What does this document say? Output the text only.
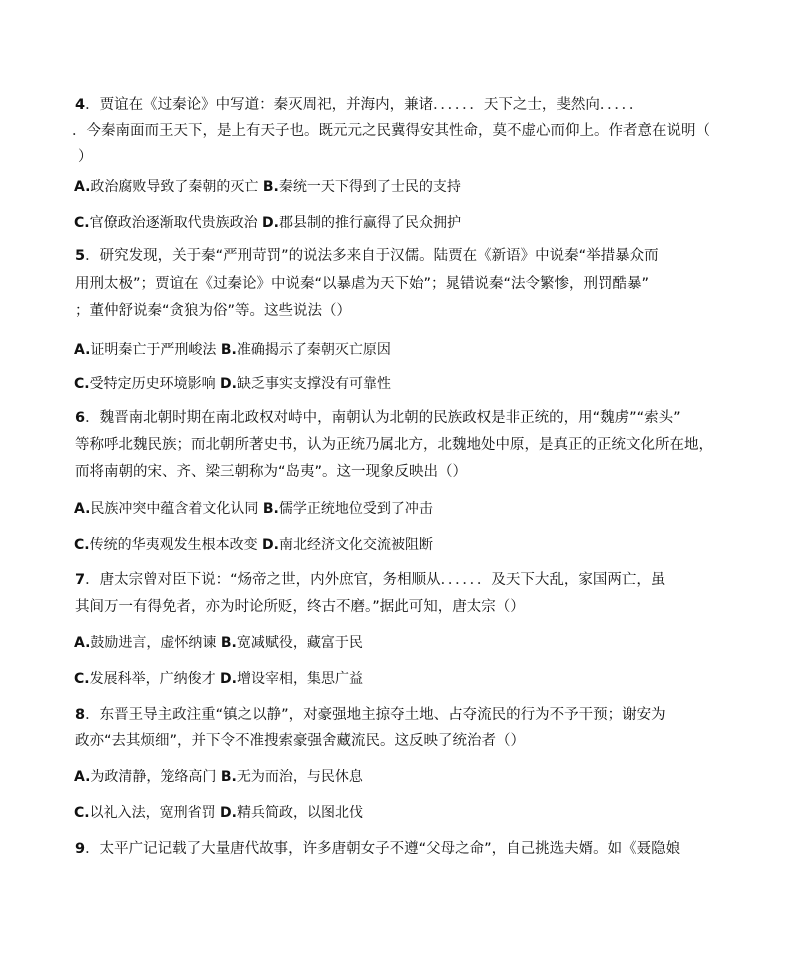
4．贾谊在《过秦论》中写道：秦灭周祀，并海内，兼诸．．．．．．天下之士，斐然向．．．．．
．今秦南面而王天下，是上有天子也。既元元之民冀得安其性命，莫不虚心而仰上。作者意在说明（
）
A.政治腐败导致了秦朝的灭亡 B.秦统一天下得到了士民的支持
C.官僚政治逐渐取代贵族政治 D.郡县制的推行赢得了民众拥护
5．研究发现，关于秦“严刑苛罚”的说法多来自于汉儒。陆贾在《新语》中说秦“举措暴众而
用刑太极”；贾谊在《过秦论》中说秦“以暴虐为天下始”；晁错说秦“法令繁惨，刑罚酷暴”
；董仲舒说秦“贪狼为俗”等。这些说法（）
A.证明秦亡于严刑峻法 B.准确揭示了秦朝灭亡原因
C.受特定历史环境影响 D.缺乏事实支撑没有可靠性
6．魏晋南北朝时期在南北政权对峙中，南朝认为北朝的民族政权是非正统的，用“魏虏”“索头”
等称呼北魏民族；而北朝所著史书，认为正统乃属北方，北魏地处中原，是真正的正统文化所在地，
而将南朝的宋、齐、梁三朝称为“岛夷”。这一现象反映出（）
A.民族冲突中蕴含着文化认同 B.儒学正统地位受到了冲击
C.传统的华夷观发生根本改变 D.南北经济文化交流被阻断
7．唐太宗曾对臣下说：“炀帝之世，内外庶官，务相顺从．．．．．．及天下大乱，家国两亡，虽
其间万一有得免者，亦为时论所贬，终古不磨。”据此可知，唐太宗（）
A.鼓励进言，虚怀纳谏 B.宽减赋役，藏富于民
C.发展科举，广纳俊才 D.增设宰相，集思广益
8．东晋王导主政注重“镇之以静”，对豪强地主掠夺土地、占夺流民的行为不予干预；谢安为
政亦“去其烦细”，并下令不准搜索豪强舍藏流民。这反映了统治者（）
A.为政清静，笼络高门 B.无为而治，与民休息
C.以礼入法，宽刑省罚 D.精兵简政，以图北伐
9．太平广记记载了大量唐代故事，许多唐朝女子不遵“父母之命”，自己挑选夫婿。如《聂隐娘
